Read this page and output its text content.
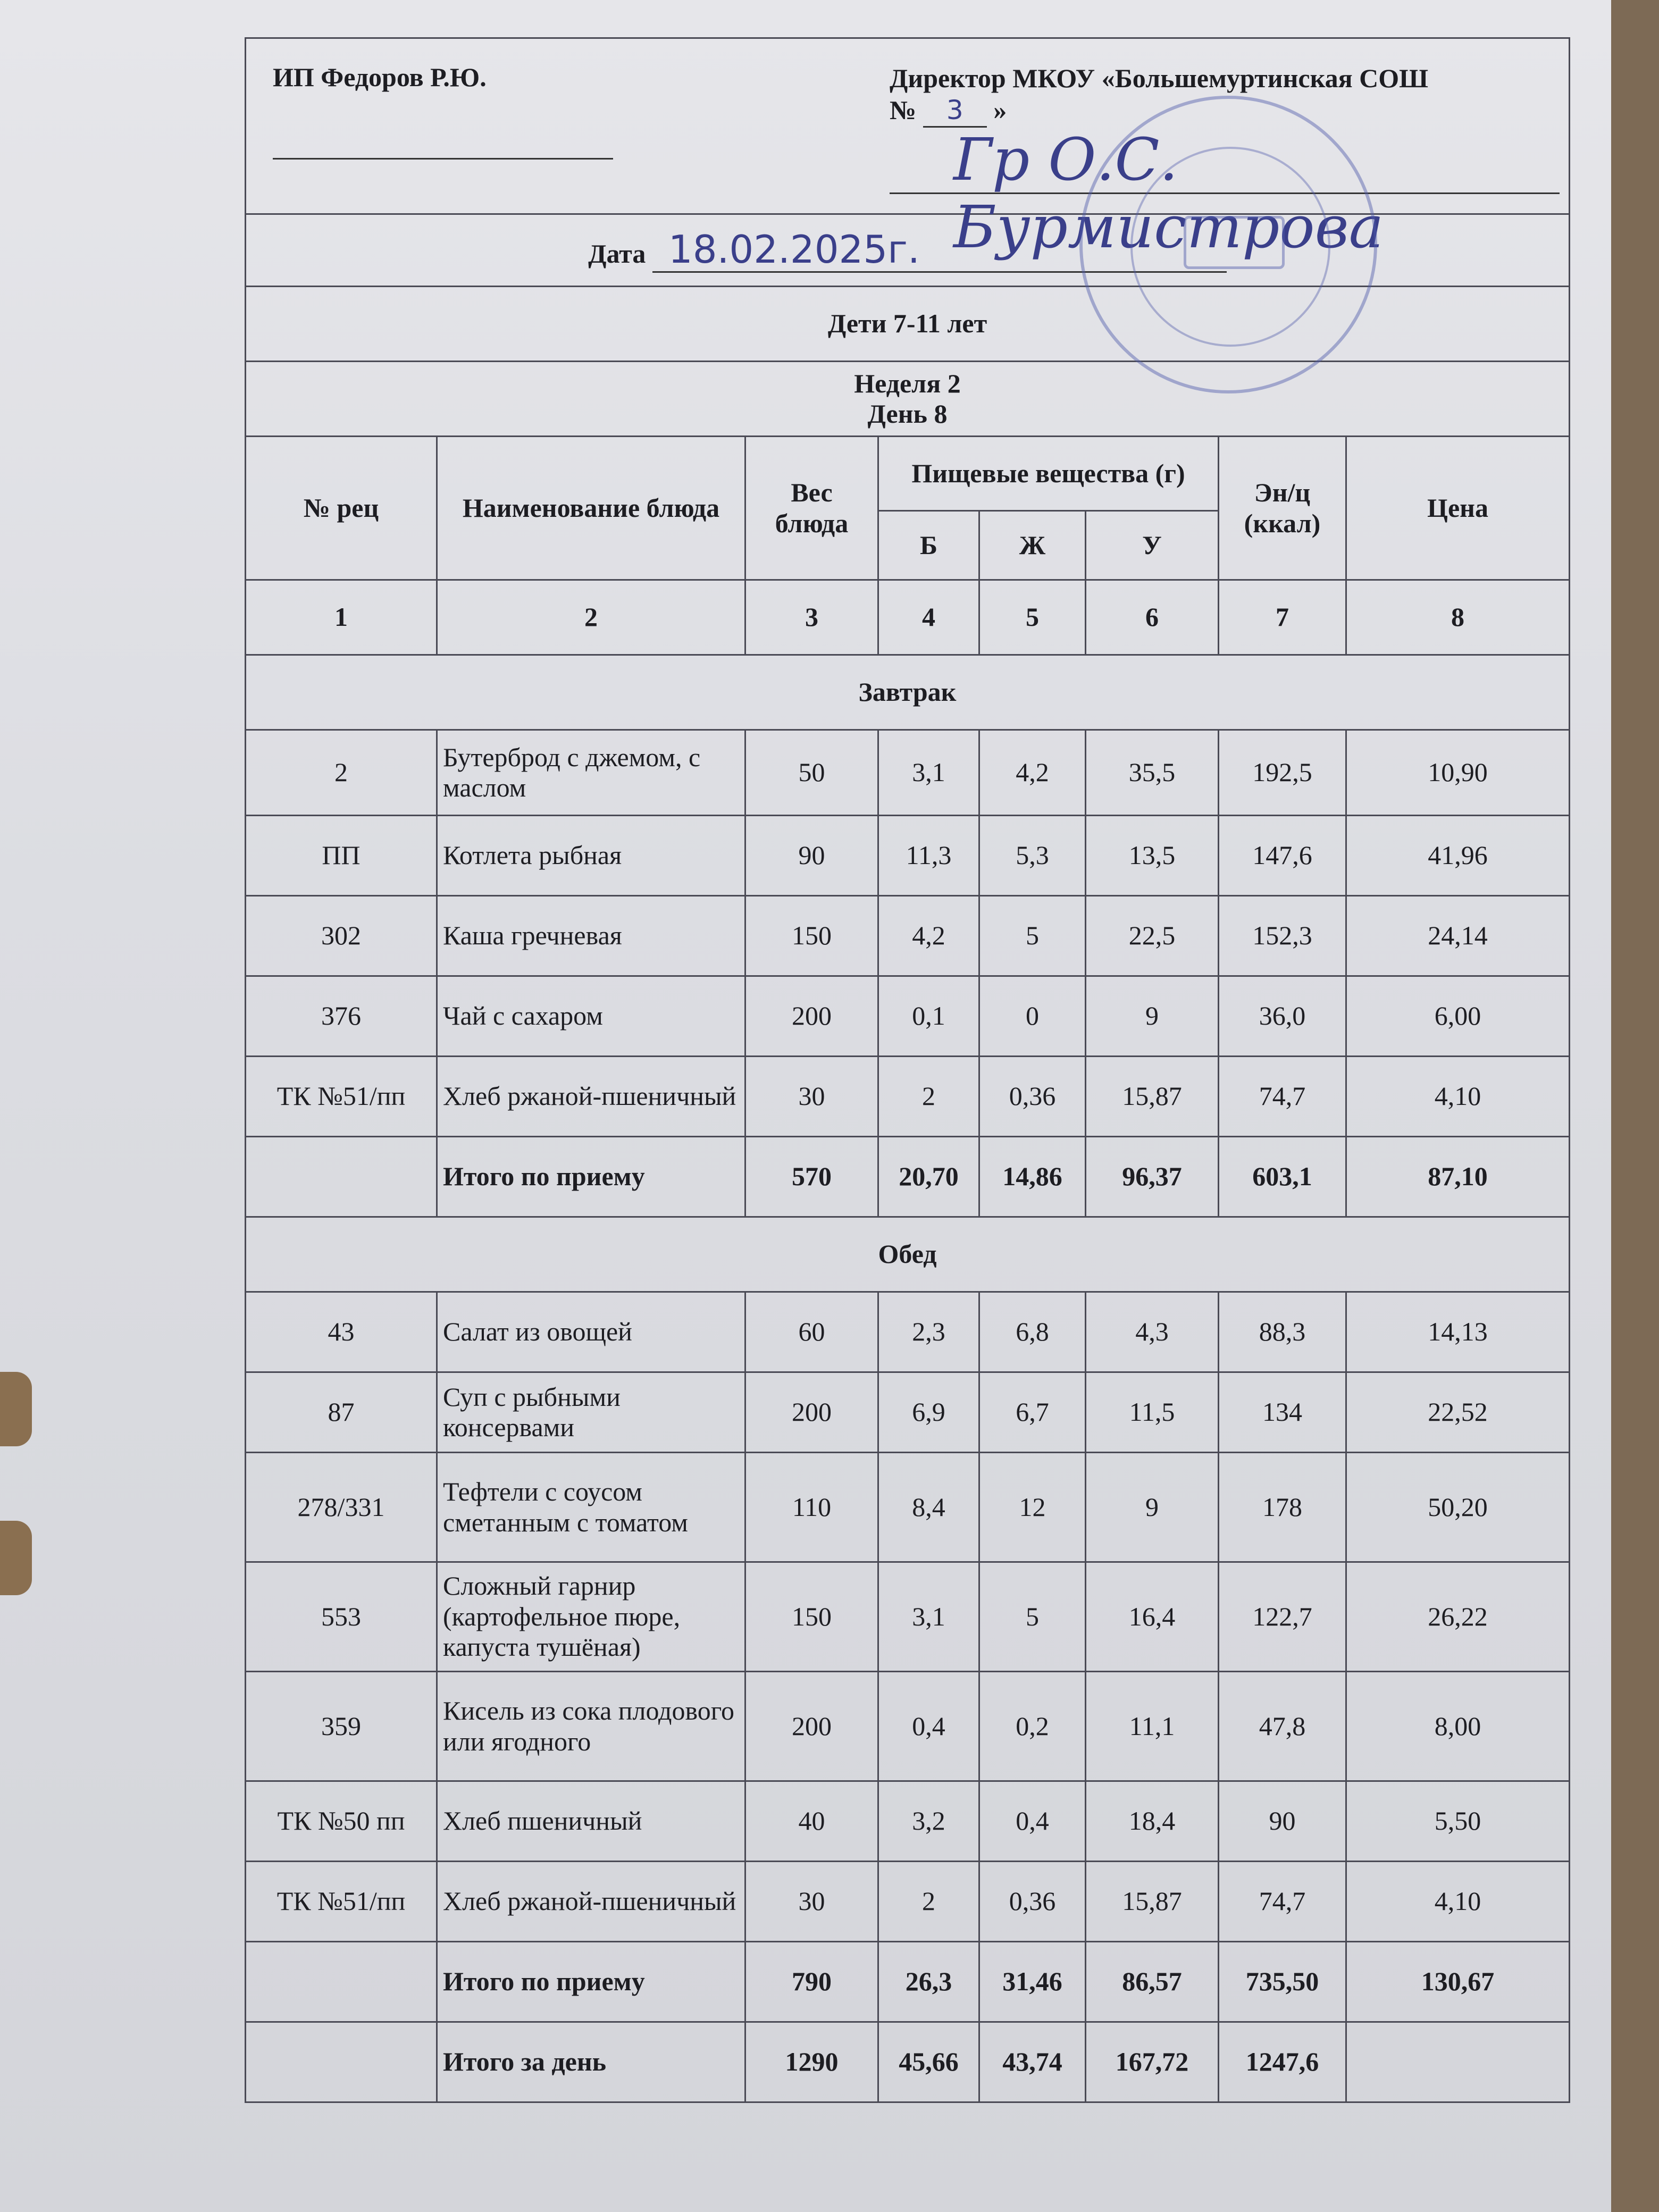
ИП Федоров Р.Ю. Директор МКОУ «Большемуртинская СОШ
№ 3 »
Гр О.С. Бурмистрова							

Дата 18.02.2025г.							
Дети 7-11 лет							
Неделя 2
День 8							
№ рец	Наименование блюда	Вес блюда	Пищевые вещества (г)			Эн/ц (ккал)	Цена
			Б	Ж	У		
1	2	3	4	5	6	7	8
Завтрак							
2	Бутерброд с джемом, с маслом	50	3,1	4,2	35,5	192,5	10,90
ПП	Котлета рыбная	90	11,3	5,3	13,5	147,6	41,96
302	Каша гречневая	150	4,2	5	22,5	152,3	24,14
376	Чай с сахаром	200	0,1	0	9	36,0	6,00
ТК №51/пп	Хлеб ржаной-пшеничный	30	2	0,36	15,87	74,7	4,10
	Итого по приему	570	20,70	14,86	96,37	603,1	87,10
Обед							
43	Салат из овощей	60	2,3	6,8	4,3	88,3	14,13
87	Суп с рыбными консервами	200	6,9	6,7	11,5	134	22,52
278/331	Тефтели с соусом сметанным с томатом	110	8,4	12	9	178	50,20
553	Сложный гарнир (картофельное пюре, капуста тушёная)	150	3,1	5	16,4	122,7	26,22
359	Кисель из сока плодового или ягодного	200	0,4	0,2	11,1	47,8	8,00
ТК №50 пп	Хлеб пшеничный	40	3,2	0,4	18,4	90	5,50
ТК №51/пп	Хлеб ржаной-пшеничный	30	2	0,36	15,87	74,7	4,10
	Итого по приему	790	26,3	31,46	86,57	735,50	130,67
	Итого за день	1290	45,66	43,74	167,72	1247,6	
